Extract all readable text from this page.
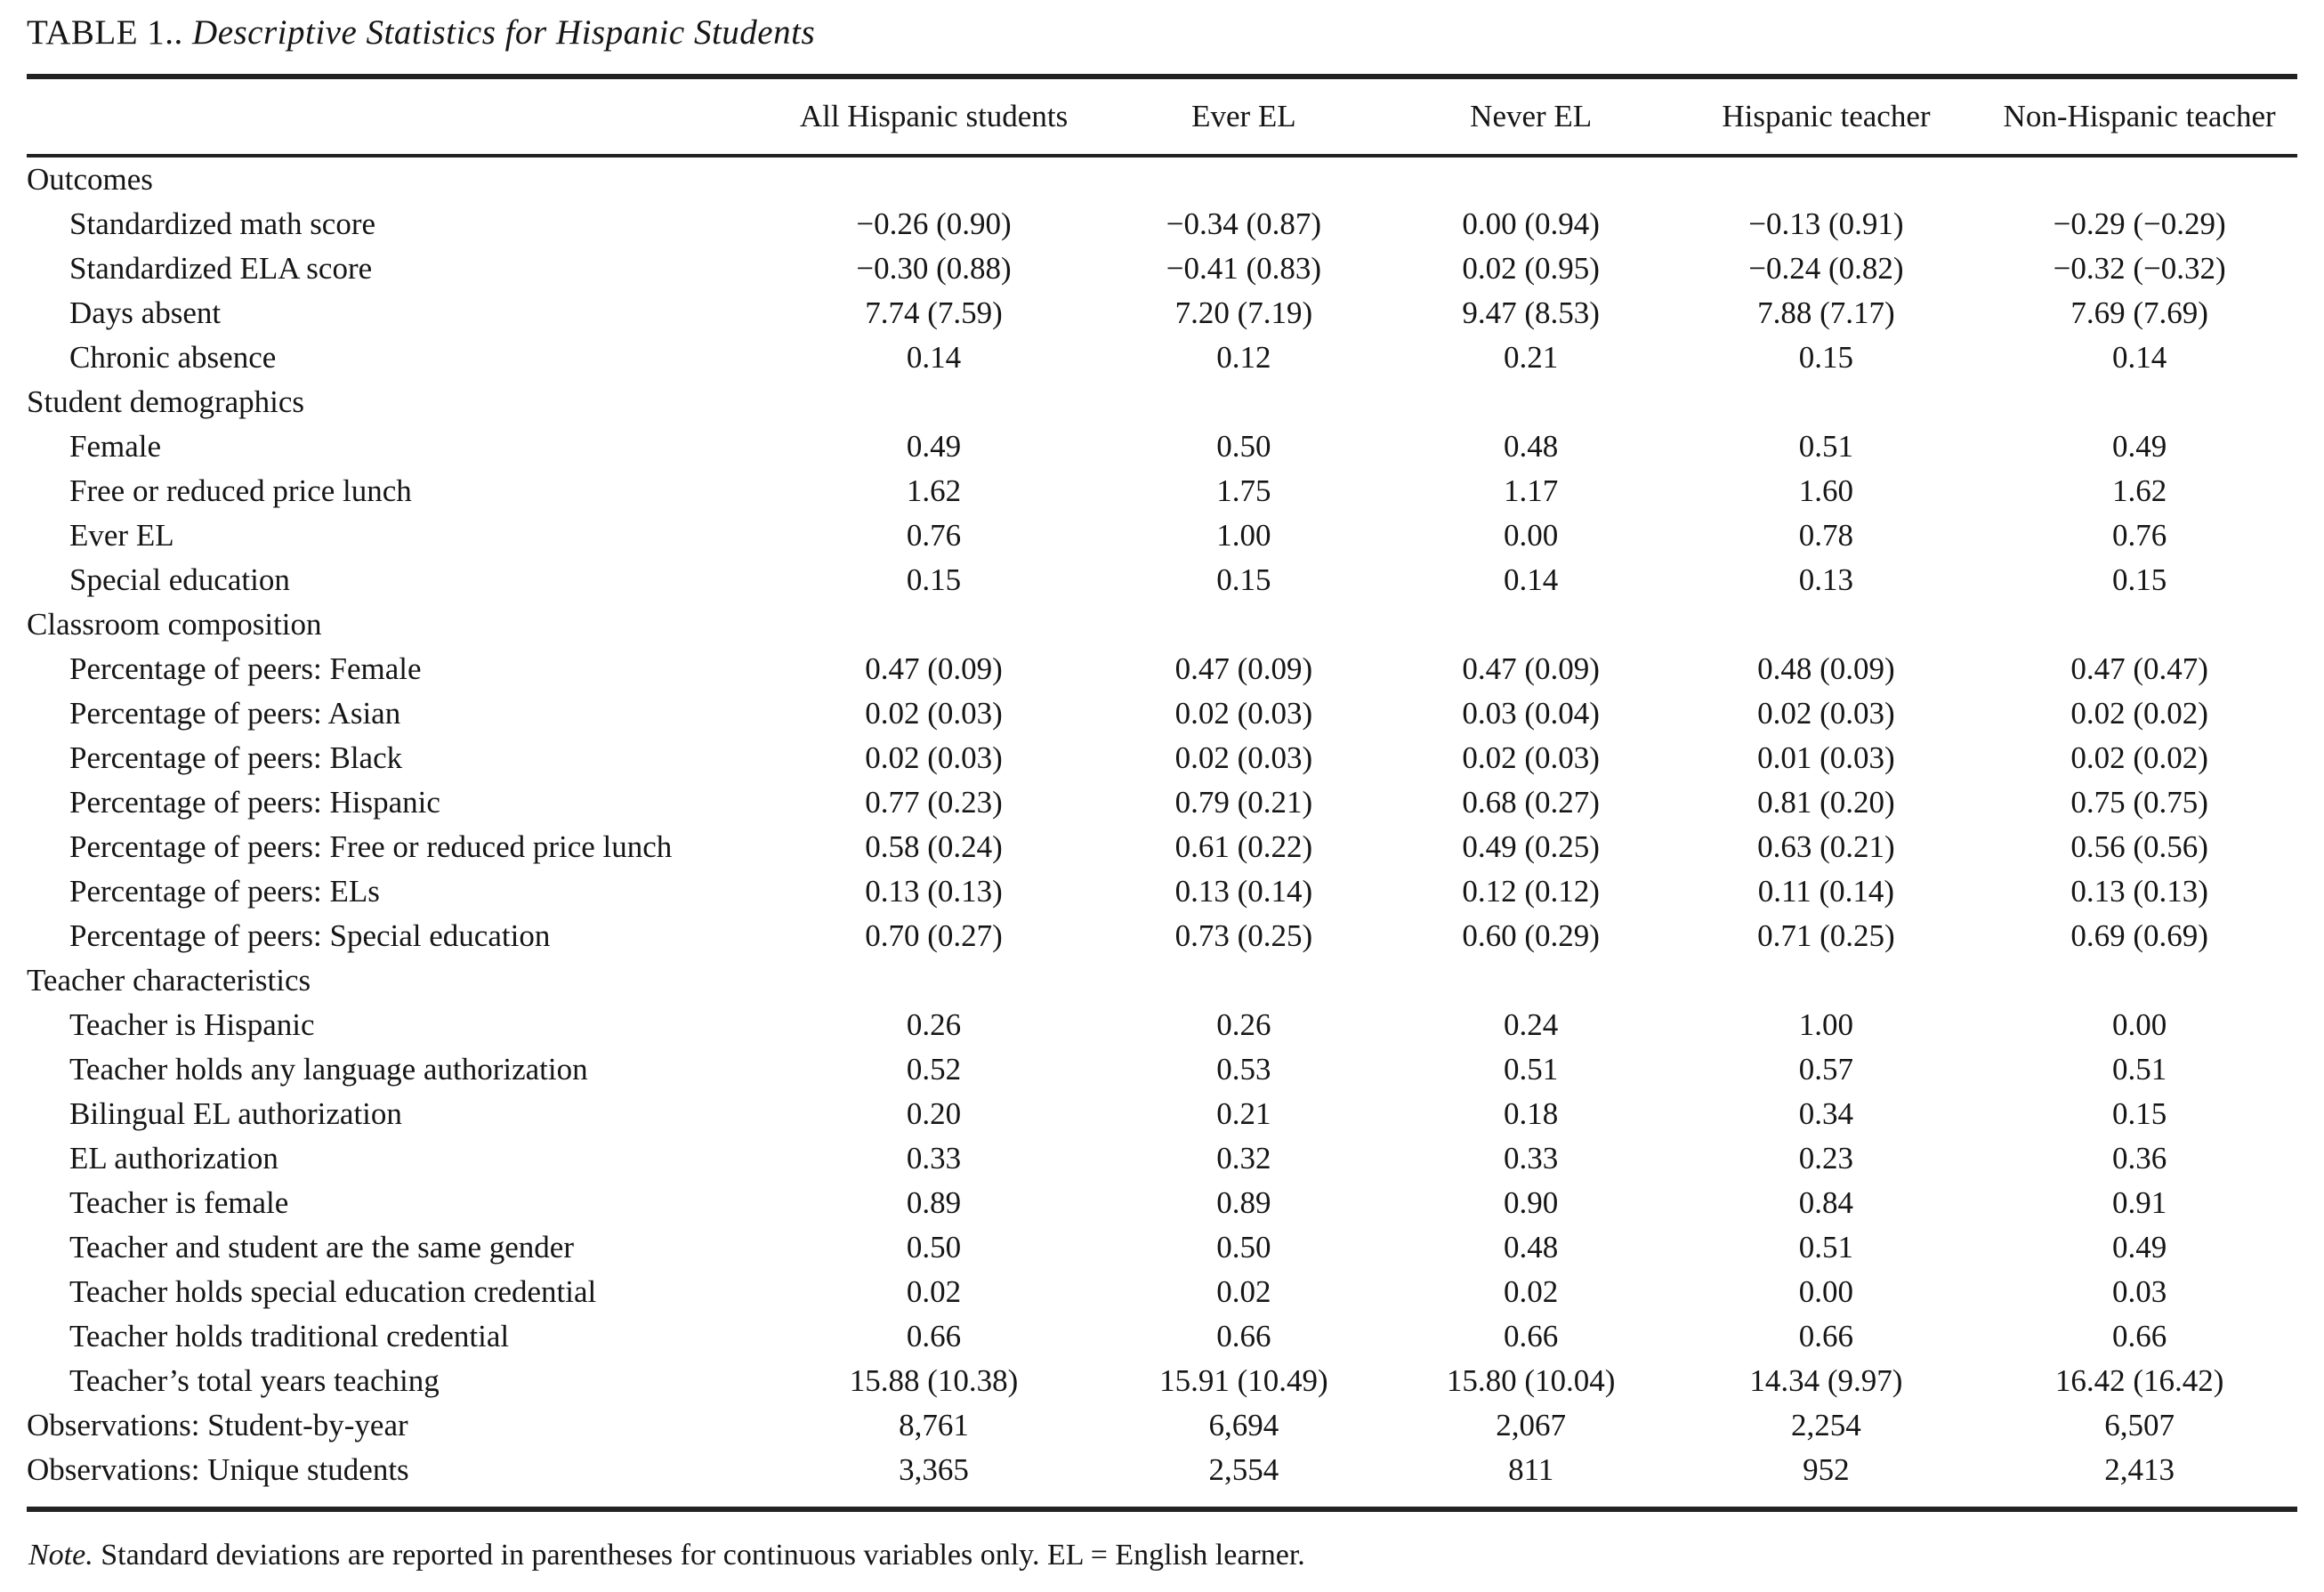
TABLE 1.. Descriptive Statistics for Hispanic Students
	All Hispanic students	Ever EL	Never EL	Hispanic teacher	Non-Hispanic teacher
Outcomes					
Standardized math score	−0.26 (0.90)	−0.34 (0.87)	0.00 (0.94)	−0.13 (0.91)	−0.29 (−0.29)
Standardized ELA score	−0.30 (0.88)	−0.41 (0.83)	0.02 (0.95)	−0.24 (0.82)	−0.32 (−0.32)
Days absent	7.74 (7.59)	7.20 (7.19)	9.47 (8.53)	7.88 (7.17)	7.69 (7.69)
Chronic absence	0.14	0.12	0.21	0.15	0.14
Student demographics					
Female	0.49	0.50	0.48	0.51	0.49
Free or reduced price lunch	1.62	1.75	1.17	1.60	1.62
Ever EL	0.76	1.00	0.00	0.78	0.76
Special education	0.15	0.15	0.14	0.13	0.15
Classroom composition					
Percentage of peers: Female	0.47 (0.09)	0.47 (0.09)	0.47 (0.09)	0.48 (0.09)	0.47 (0.47)
Percentage of peers: Asian	0.02 (0.03)	0.02 (0.03)	0.03 (0.04)	0.02 (0.03)	0.02 (0.02)
Percentage of peers: Black	0.02 (0.03)	0.02 (0.03)	0.02 (0.03)	0.01 (0.03)	0.02 (0.02)
Percentage of peers: Hispanic	0.77 (0.23)	0.79 (0.21)	0.68 (0.27)	0.81 (0.20)	0.75 (0.75)
Percentage of peers: Free or reduced price lunch	0.58 (0.24)	0.61 (0.22)	0.49 (0.25)	0.63 (0.21)	0.56 (0.56)
Percentage of peers: ELs	0.13 (0.13)	0.13 (0.14)	0.12 (0.12)	0.11 (0.14)	0.13 (0.13)
Percentage of peers: Special education	0.70 (0.27)	0.73 (0.25)	0.60 (0.29)	0.71 (0.25)	0.69 (0.69)
Teacher characteristics					
Teacher is Hispanic	0.26	0.26	0.24	1.00	0.00
Teacher holds any language authorization	0.52	0.53	0.51	0.57	0.51
Bilingual EL authorization	0.20	0.21	0.18	0.34	0.15
EL authorization	0.33	0.32	0.33	0.23	0.36
Teacher is female	0.89	0.89	0.90	0.84	0.91
Teacher and student are the same gender	0.50	0.50	0.48	0.51	0.49
Teacher holds special education credential	0.02	0.02	0.02	0.00	0.03
Teacher holds traditional credential	0.66	0.66	0.66	0.66	0.66
Teacher’s total years teaching	15.88 (10.38)	15.91 (10.49)	15.80 (10.04)	14.34 (9.97)	16.42 (16.42)
Observations: Student-by-year	8,761	6,694	2,067	2,254	6,507
Observations: Unique students	3,365	2,554	811	952	2,413
Note. Standard deviations are reported in parentheses for continuous variables only. EL = English learner.
